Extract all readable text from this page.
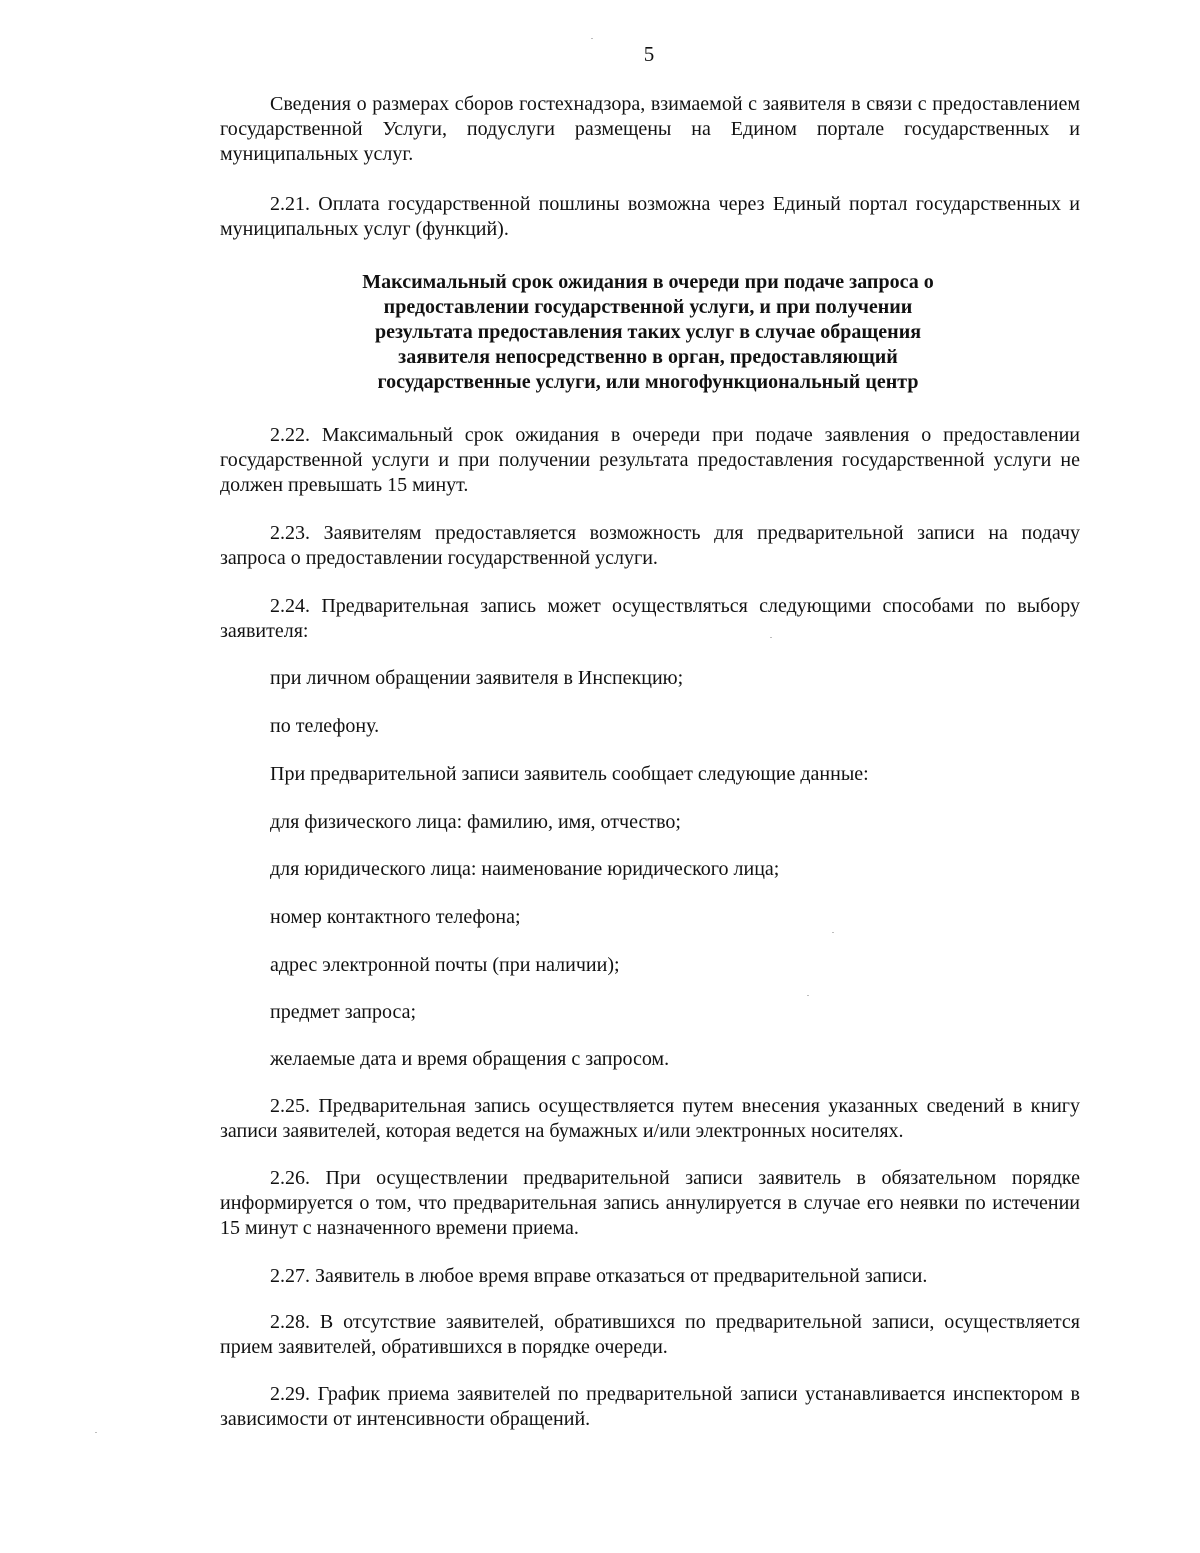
5

Сведения о размерах сборов гостехнадзора, взимаемой с заявителя в связи с предоставлением государственной Услуги, подуслуги размещены на Едином портале государственных и муниципальных услуг.

2.21. Оплата государственной пошлины возможна через Единый портал государственных и муниципальных услуг (функций).

Максимальный срок ожидания в очереди при подаче запроса о предоставлении государственной услуги, и при получении результата предоставления таких услуг в случае обращения заявителя непосредственно в орган, предоставляющий государственные услуги, или многофункциональный центр

2.22. Максимальный срок ожидания в очереди при подаче заявления о предоставлении государственной услуги и при получении результата предоставления государственной услуги не должен превышать 15 минут.

2.23. Заявителям предоставляется возможность для предварительной записи на подачу запроса о предоставлении государственной услуги.

2.24. Предварительная запись может осуществляться следующими способами по выбору заявителя:

при личном обращении заявителя в Инспекцию;

по телефону.

При предварительной записи заявитель сообщает следующие данные:

для физического лица: фамилию, имя, отчество;

для юридического лица: наименование юридического лица;

номер контактного телефона;

адрес электронной почты (при наличии);

предмет запроса;

желаемые дата и время обращения с запросом.

2.25. Предварительная запись осуществляется путем внесения указанных сведений в книгу записи заявителей, которая ведется на бумажных и/или электронных носителях.

2.26. При осуществлении предварительной записи заявитель в обязательном порядке информируется о том, что предварительная запись аннулируется в случае его неявки по истечении 15 минут с назначенного времени приема.

2.27. Заявитель в любое время вправе отказаться от предварительной записи.

2.28. В отсутствие заявителей, обратившихся по предварительной записи, осуществляется прием заявителей, обратившихся в порядке очереди.

2.29. График приема заявителей по предварительной записи устанавливается инспектором в зависимости от интенсивности обращений.
